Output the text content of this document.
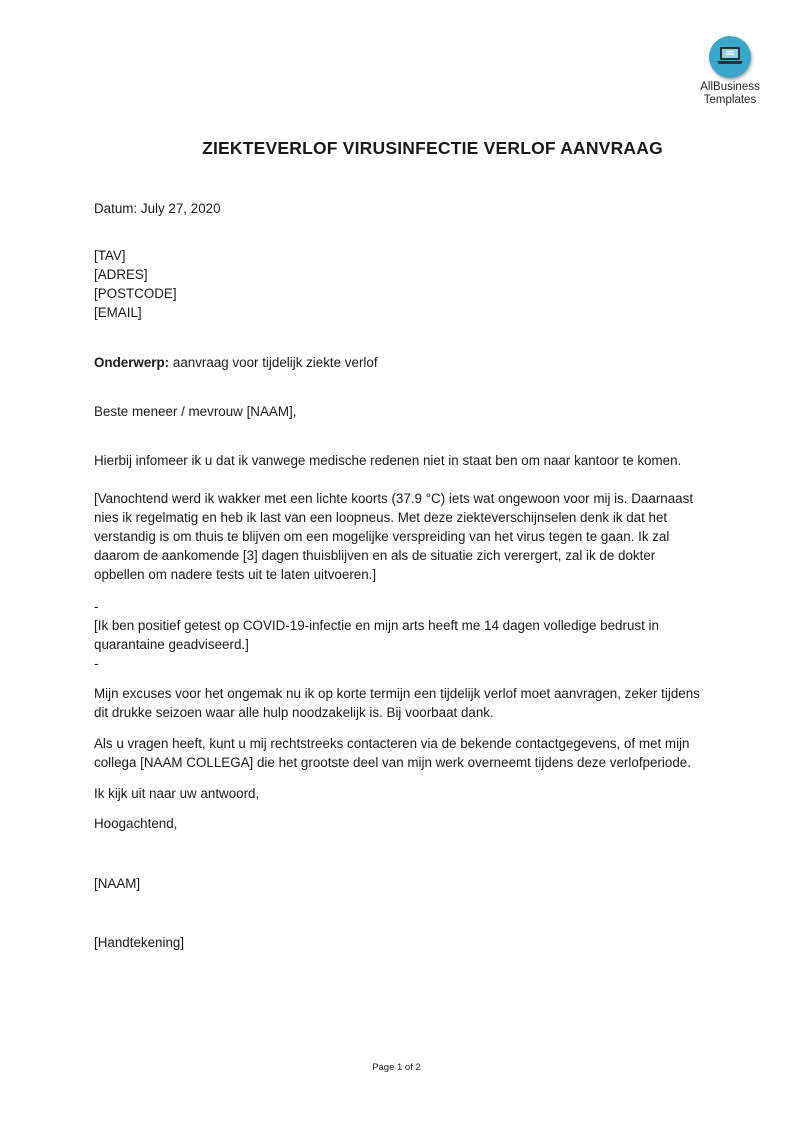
AllBusiness
Templates
ZIEKTEVERLOF VIRUSINFECTIE VERLOF AANVRAAG
Datum: July 27, 2020

[TAV]

[ADRES]

[POSTCODE]

[EMAIL]

Onderwerp: aanvraag voor tijdelijk ziekte verlof
Beste meneer / mevrouw [NAAM],
Hierbij infomeer ik u dat ik vanwege medische redenen niet in staat ben om naar kantoor te komen.
[Vanochtend werd ik wakker met een lichte koorts (37.9 °C) iets wat ongewoon voor mij is. Daarnaast nies ik regelmatig en heb ik last van een loopneus. Met deze ziekteverschijnselen denk ik dat het verstandig is om thuis te blijven om een mogelijke verspreiding van het virus tegen te gaan. Ik zal daarom de aankomende [3] dagen thuisblijven en als de situatie zich verergert, zal ik de dokter opbellen om nadere tests uit te laten uitvoeren.]
-
[Ik ben positief getest op COVID-19-infectie en mijn arts heeft me 14 dagen volledige bedrust in quarantaine geadviseerd.]
-
Mijn excuses voor het ongemak nu ik op korte termijn een tijdelijk verlof moet aanvragen, zeker tijdens dit drukke seizoen waar alle hulp noodzakelijk is. Bij voorbaat dank.
Als u vragen heeft, kunt u mij rechtstreeks contacteren via de bekende contactgegevens, of met mijn collega [NAAM COLLEGA] die het grootste deel van mijn werk overneemt tijdens deze verlofperiode.
Ik kijk uit naar uw antwoord,
Hoogachtend,
[NAAM]
[Handtekening]
Page 1 of 2
